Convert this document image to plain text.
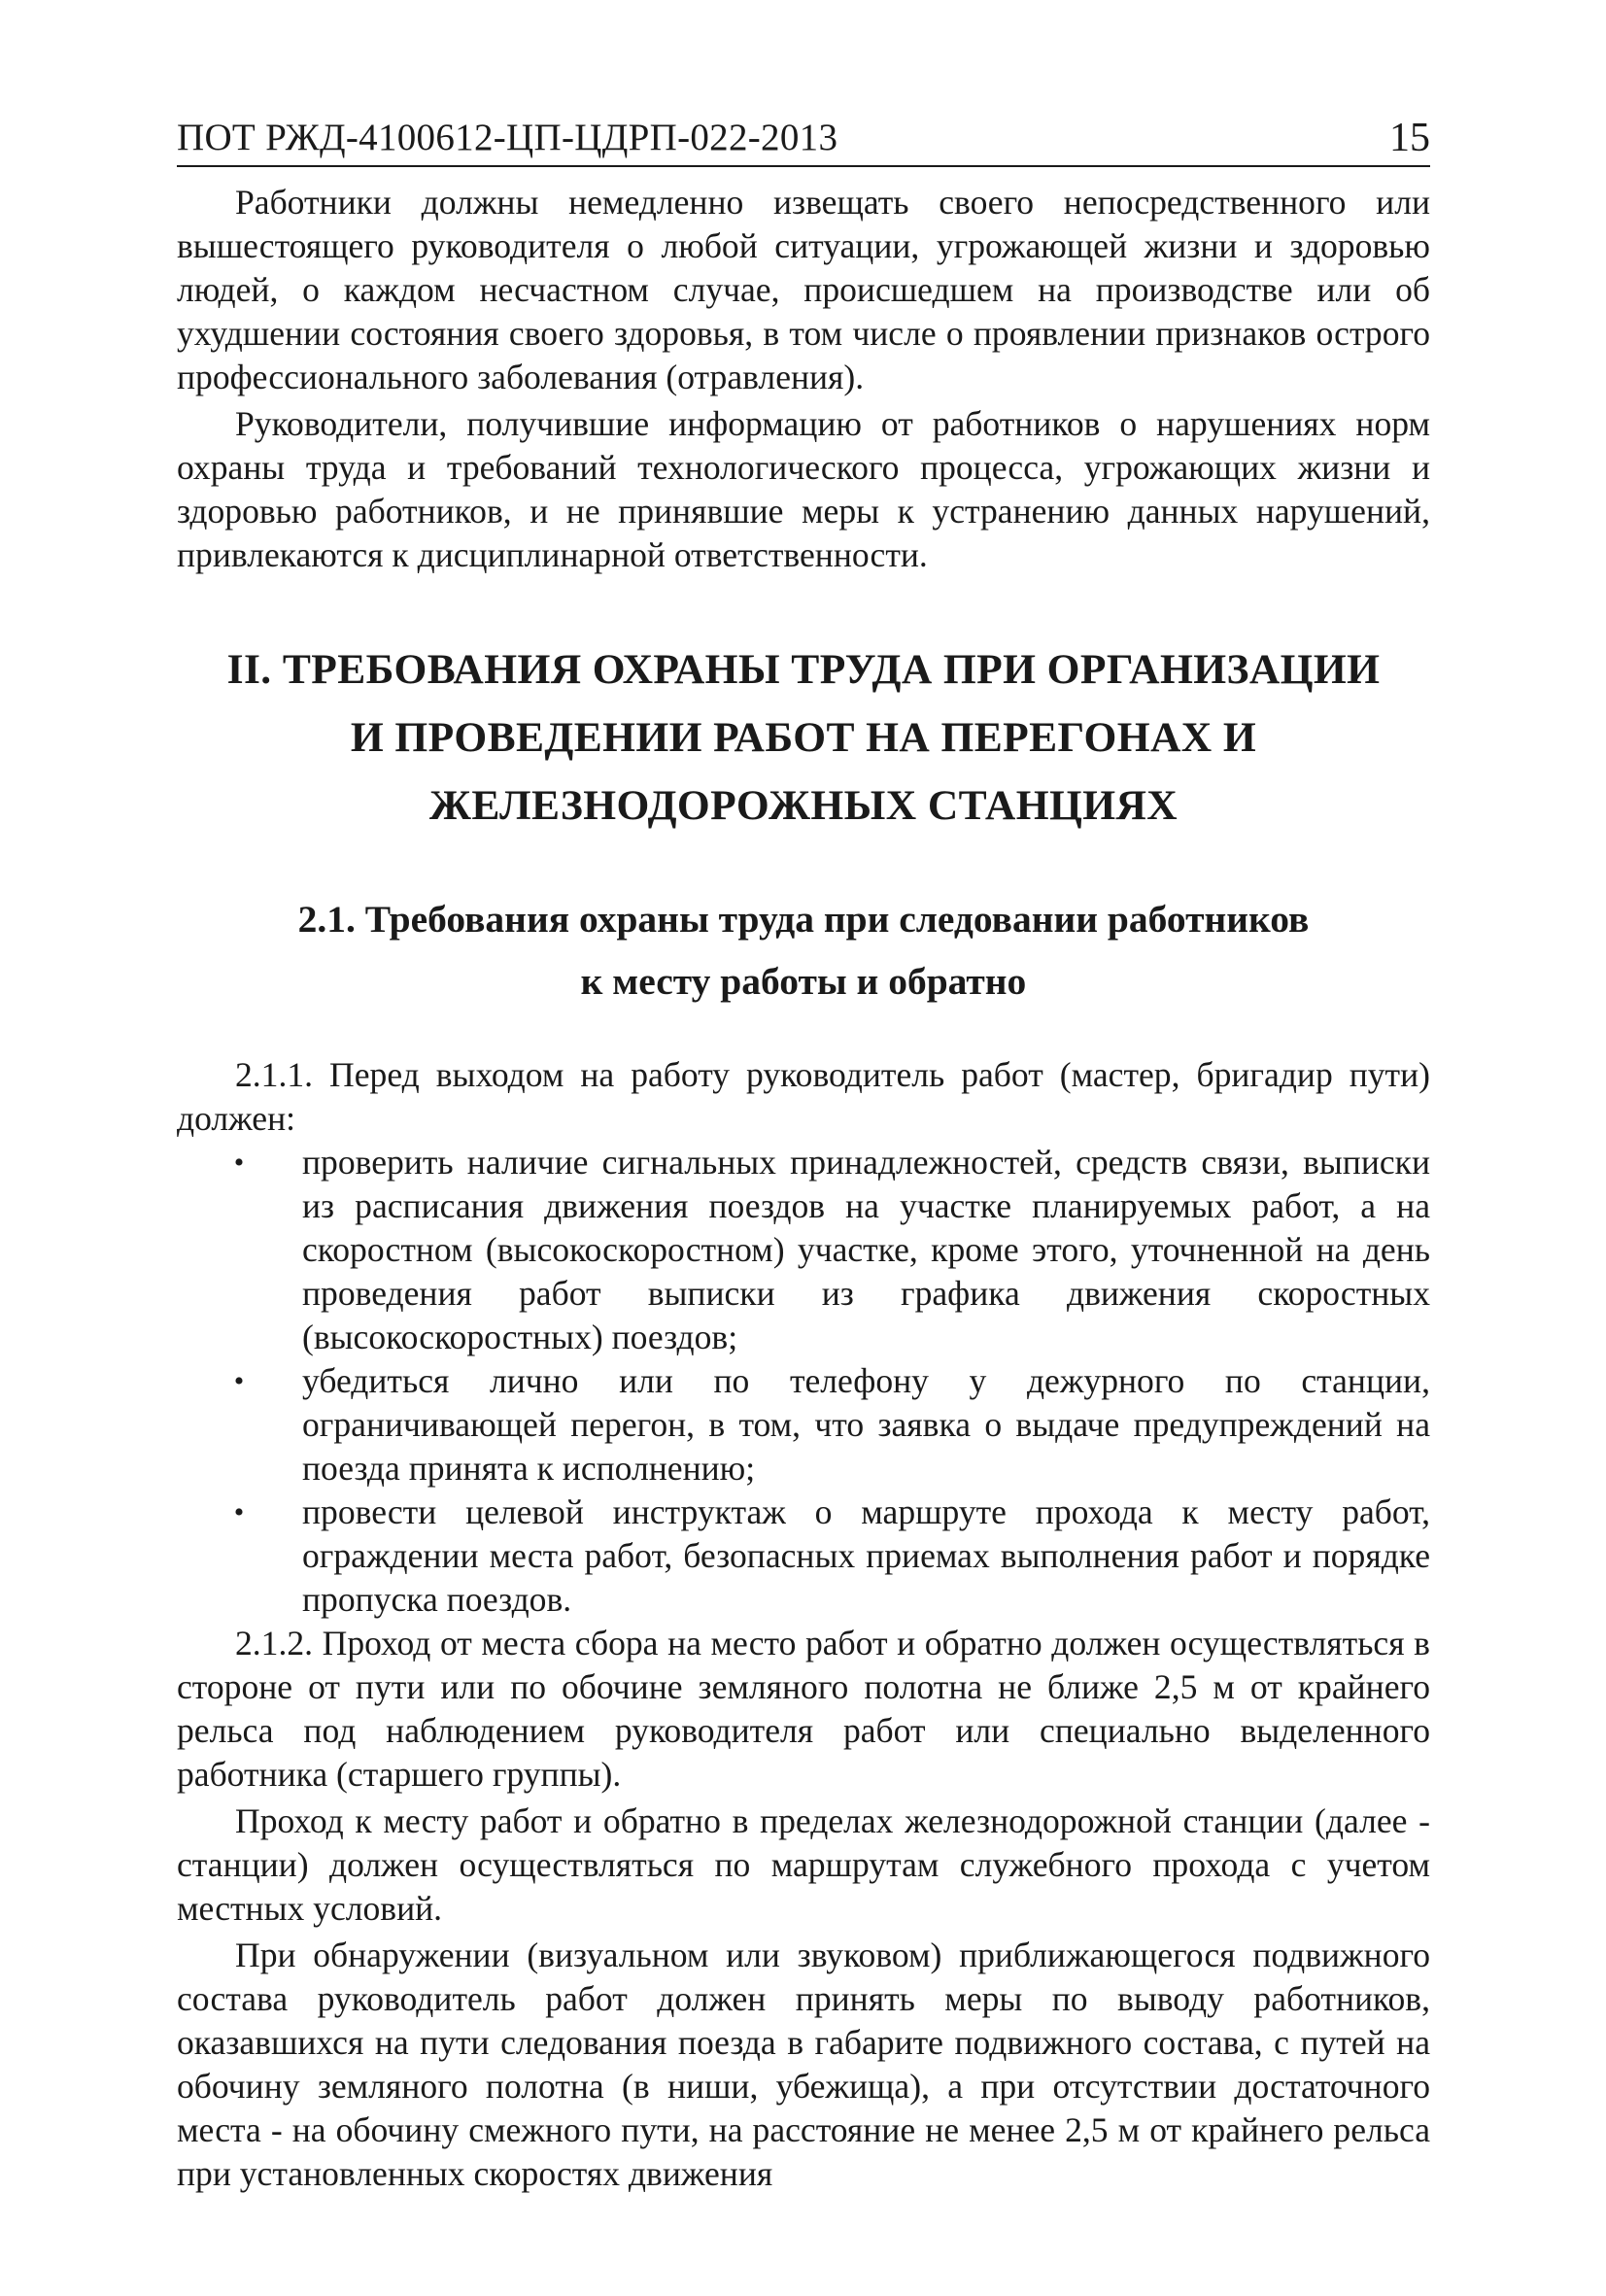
ПОТ РЖД-4100612-ЦП-ЦДРП-022-2013	15

Работники должны немедленно извещать своего непосредственного или вышестоящего руководителя о любой ситуации, угрожающей жизни и здоровью людей, о каждом несчастном случае, происшедшем на производстве или об ухудшении состояния своего здоровья, в том числе о проявлении признаков острого профессионального заболевания (отравления).

Руководители, получившие информацию от работников о нарушениях норм охраны труда и требований технологического процесса, угрожающих жизни и здоровью работников, и не принявшие меры к устранению данных нарушений, привлекаются к дисциплинарной ответственности.

II. ТРЕБОВАНИЯ ОХРАНЫ ТРУДА ПРИ ОРГАНИЗАЦИИ
И ПРОВЕДЕНИИ РАБОТ НА ПЕРЕГОНАХ И
ЖЕЛЕЗНОДОРОЖНЫХ СТАНЦИЯХ
2.1. Требования охраны труда при следовании работников
к месту работы и обратно

2.1.1. Перед выходом на работу руководитель работ (мастер, бригадир пути) должен:

• проверить наличие сигнальных принадлежностей, средств связи, выписки из расписания движения поездов на участке планируемых работ, а на скоростном (высокоскоростном) участке, кроме этого, уточненной на день проведения работ выписки из графика движения скоростных (высокоскоростных) поездов;
• убедиться лично или по телефону у дежурного по станции, ограничивающей перегон, в том, что заявка о выдаче предупреждений на поезда принята к исполнению;
• провести целевой инструктаж о маршруте прохода к месту работ, ограждении места работ, безопасных приемах выполнения работ и порядке пропуска поездов.

2.1.2. Проход от места сбора на место работ и обратно должен осуществляться в стороне от пути или по обочине земляного полотна не ближе 2,5 м от крайнего рельса под наблюдением руководителя работ или специально выделенного работника (старшего группы).

Проход к месту работ и обратно в пределах железнодорожной станции (далее - станции) должен осуществляться по маршрутам служебного прохода с учетом местных условий.

При обнаружении (визуальном или звуковом) приближающегося подвижного состава руководитель работ должен принять меры по выводу работников, оказавшихся на пути следования поезда в габарите подвижного состава, с путей на обочину земляного полотна (в ниши, убежища), а при отсутствии достаточного места - на обочину смежного пути, на расстояние не менее 2,5 м от крайнего рельса при установленных скоростях движения
